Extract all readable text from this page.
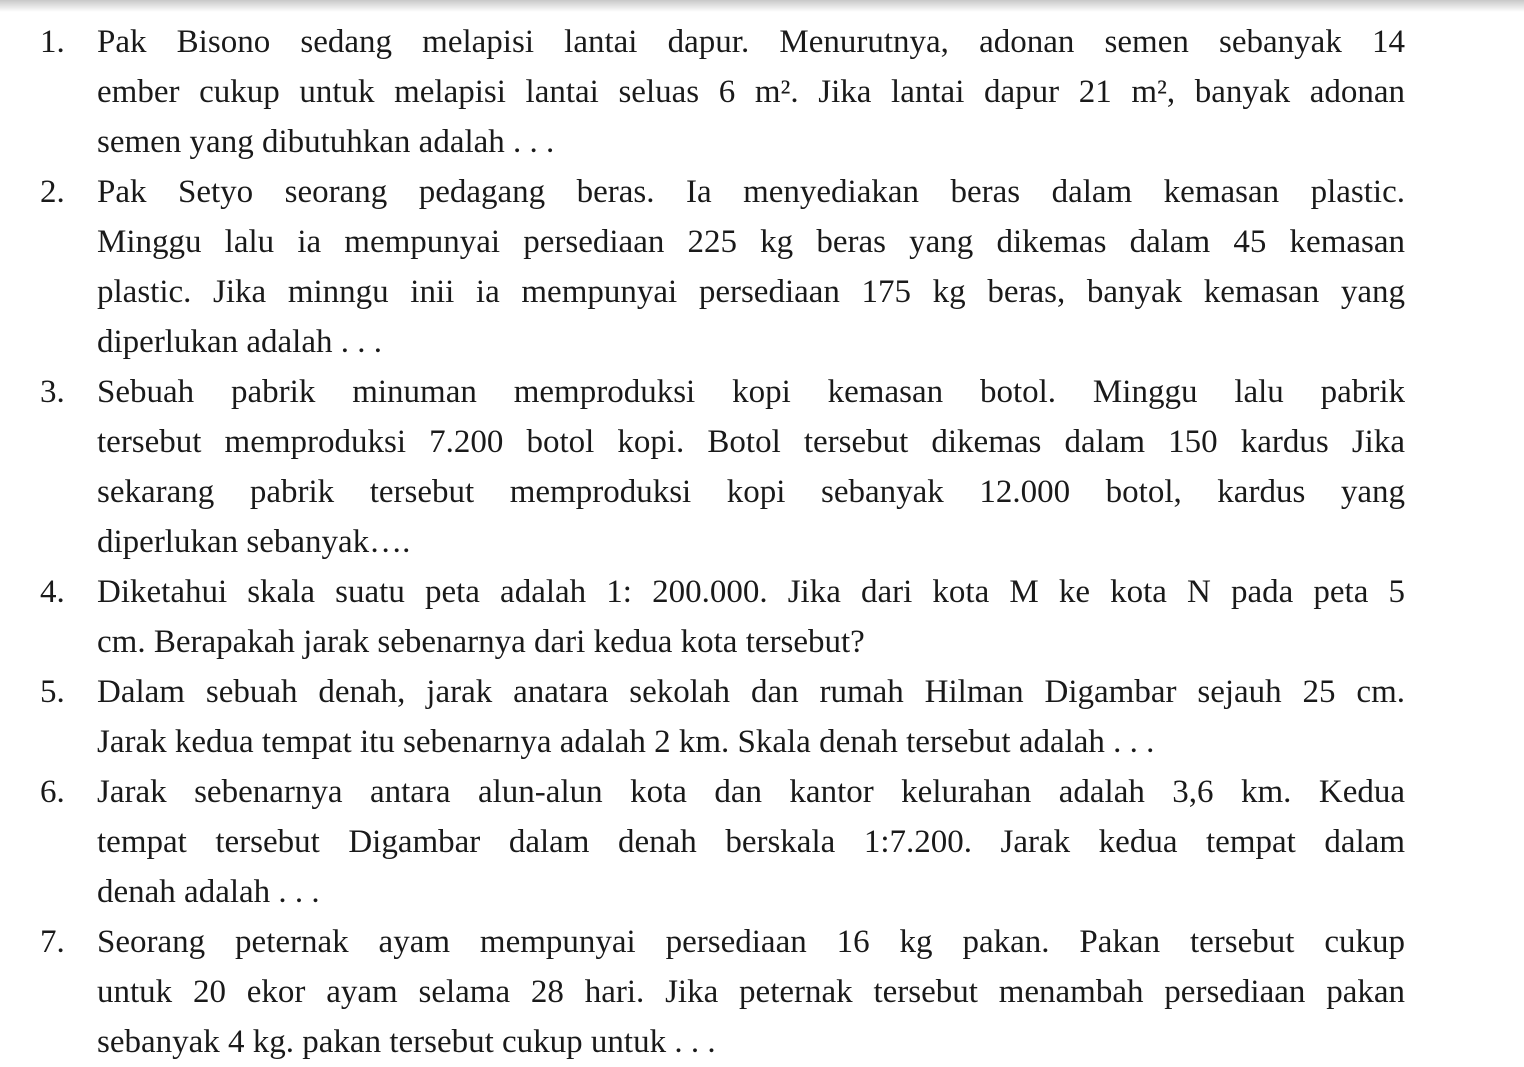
1. Pak Bisono sedang melapisi lantai dapur. Menurutnya, adonan semen sebanyak 14
ember cukup untuk melapisi lantai seluas 6 m². Jika lantai dapur 21 m², banyak adonan
semen yang dibutuhkan adalah . . .
2. Pak Setyo seorang pedagang beras. Ia menyediakan beras dalam kemasan plastic.
Minggu lalu ia mempunyai persediaan 225 kg beras yang dikemas dalam 45 kemasan
plastic. Jika minngu inii ia mempunyai persediaan 175 kg beras, banyak kemasan yang
diperlukan adalah . . .
3. Sebuah pabrik minuman memproduksi kopi kemasan botol. Minggu lalu pabrik
tersebut memproduksi 7.200 botol kopi. Botol tersebut dikemas dalam 150 kardus Jika
sekarang pabrik tersebut memproduksi kopi sebanyak 12.000 botol, kardus yang
diperlukan sebanyak….
4. Diketahui skala suatu peta adalah 1: 200.000. Jika dari kota M ke kota N pada peta 5
cm. Berapakah jarak sebenarnya dari kedua kota tersebut?
5. Dalam sebuah denah, jarak anatara sekolah dan rumah Hilman Digambar sejauh 25 cm.
Jarak kedua tempat itu sebenarnya adalah 2 km. Skala denah tersebut adalah . . .
6. Jarak sebenarnya antara alun-alun kota dan kantor kelurahan adalah 3,6 km. Kedua
tempat tersebut Digambar dalam denah berskala 1:7.200. Jarak kedua tempat dalam
denah adalah . . .
7. Seorang peternak ayam mempunyai persediaan 16 kg pakan. Pakan tersebut cukup
untuk 20 ekor ayam selama 28 hari. Jika peternak tersebut menambah persediaan pakan
sebanyak 4 kg. pakan tersebut cukup untuk . . .
